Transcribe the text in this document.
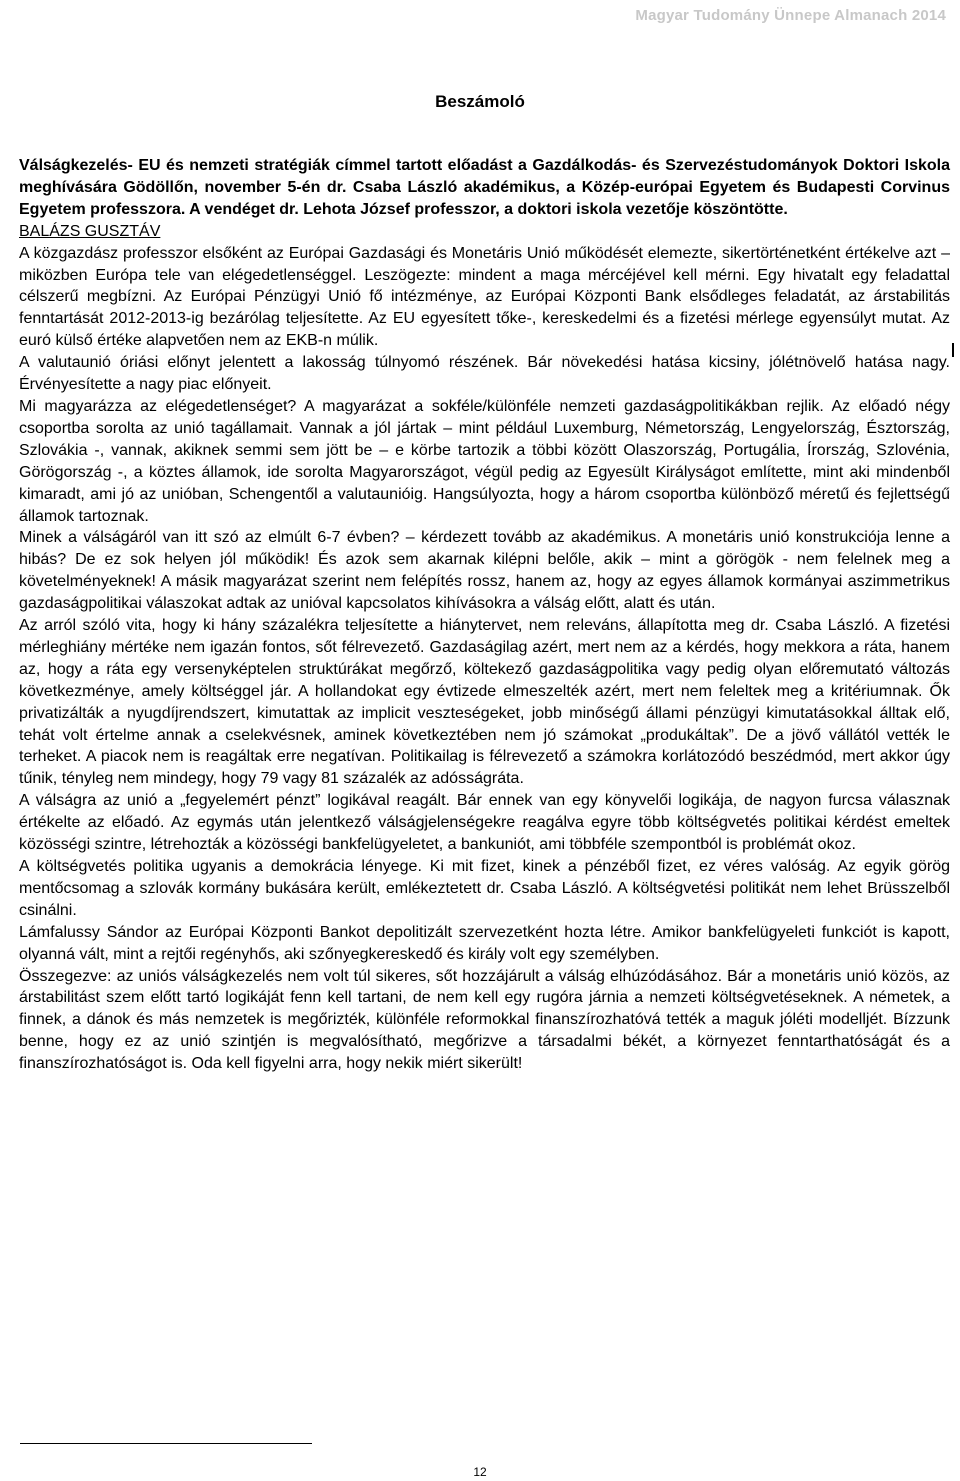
Magyar Tudomány Ünnepe Almanach 2014
Beszámoló

Válságkezelés- EU és nemzeti stratégiák címmel tartott előadást a Gazdálkodás- és Szervezéstudományok Doktori Iskola meghívására Gödöllőn, november 5-én dr. Csaba László akadémikus, a Közép-európai Egyetem és Budapesti Corvinus Egyetem professzora. A vendéget dr. Lehota József professzor, a doktori iskola vezetője köszöntötte.

BALÁZS GUSZTÁV

A közgazdász professzor elsőként az Európai Gazdasági és Monetáris Unió működését elemezte, sikertörténetként értékelve azt – miközben Európa tele van elégedetlenséggel. Leszögezte: mindent a maga mércéjével kell mérni. Egy hivatalt egy feladattal célszerű megbízni. Az Európai Pénzügyi Unió fő intézménye, az Európai Központi Bank elsődleges feladatát, az árstabilitás fenntartását 2012-2013-ig bezárólag teljesítette. Az EU egyesített tőke-, kereskedelmi és a fizetési mérlege egyensúlyt mutat. Az euró külső értéke alapvetően nem az EKB-n múlik.

A valutaunió óriási előnyt jelentett a lakosság túlnyomó részének. Bár növekedési hatása kicsiny, jólétnövelő hatása nagy. Érvényesítette a nagy piac előnyeit.

Mi magyarázza az elégedetlenséget? A magyarázat a sokféle/különféle nemzeti gazdaságpolitikákban rejlik. Az előadó négy csoportba sorolta az unió tagállamait. Vannak a jól jártak – mint például Luxemburg, Németország, Lengyelország, Észtország, Szlovákia -, vannak, akiknek semmi sem jött be – e körbe tartozik a többi között Olaszország, Portugália, Írország, Szlovénia, Görögország -, a köztes államok, ide sorolta Magyarországot, végül pedig az Egyesült Királyságot említette, mint aki mindenből kimaradt, ami jó az unióban, Schengentől a valutaunióig. Hangsúlyozta, hogy a három csoportba különböző méretű és fejlettségű államok tartoznak.

Minek a válságáról van itt szó az elmúlt 6-7 évben? – kérdezett tovább az akadémikus. A monetáris unió konstrukciója lenne a hibás? De ez sok helyen jól működik! És azok sem akarnak kilépni belőle, akik – mint a görögök - nem felelnek meg a követelményeknek! A másik magyarázat szerint nem felépítés rossz, hanem az, hogy az egyes államok kormányai aszimmetrikus gazdaságpolitikai válaszokat adtak az unióval kapcsolatos kihívásokra a válság előtt, alatt és után.

Az arról szóló vita, hogy ki hány százalékra teljesítette a hiánytervet, nem releváns, állapította meg dr. Csaba László. A fizetési mérleghiány mértéke nem igazán fontos, sőt félrevezető. Gazdaságilag azért, mert nem az a kérdés, hogy mekkora a ráta, hanem az, hogy a ráta egy versenyképtelen struktúrákat megőrző, költekező gazdaságpolitika vagy pedig olyan előremutató változás következménye, amely költséggel jár. A hollandokat egy évtizede elmeszelték azért, mert nem feleltek meg a kritériumnak. Ők privatizálták a nyugdíjrendszert, kimutattak az implicit veszteségeket, jobb minőségű állami pénzügyi kimutatásokkal álltak elő, tehát volt értelme annak a cselekvésnek, aminek következtében nem jó számokat „produkáltak”. De a jövő vállától vették le terheket. A piacok nem is reagáltak erre negatívan. Politikailag is félrevezető a számokra korlátozódó beszédmód, mert akkor úgy tűnik, tényleg nem mindegy, hogy 79 vagy 81 százalék az adósságráta.

A válságra az unió a „fegyelemért pénzt” logikával reagált. Bár ennek van egy könyvelői logikája, de nagyon furcsa válasznak értékelte az előadó. Az egymás után jelentkező válságjelenségekre reagálva egyre több költségvetés politikai kérdést emeltek közösségi szintre, létrehozták a közösségi bankfelügyeletet, a bankuniót, ami többféle szempontból is problémát okoz.

A költségvetés politika ugyanis a demokrácia lényege. Ki mit fizet, kinek a pénzéből fizet, ez véres valóság. Az egyik görög mentőcsomag a szlovák kormány bukására került, emlékeztetett dr. Csaba László. A költségvetési politikát nem lehet Brüsszelből csinálni.

Lámfalussy Sándor az Európai Központi Bankot depolitizált szervezetként hozta létre. Amikor bankfelügyeleti funkciót is kapott, olyanná vált, mint a rejtői regényhős, aki szőnyegkereskedő és király volt egy személyben.

Összegezve: az uniós válságkezelés nem volt túl sikeres, sőt hozzájárult a válság elhúzódásához. Bár a monetáris unió közös, az árstabilitást szem előtt tartó logikáját fenn kell tartani, de nem kell egy rugóra járnia a nemzeti költségvetéseknek. A németek, a finnek, a dánok és más nemzetek is megőrizték, különféle reformokkal finanszírozhatóvá tették a maguk jóléti modelljét. Bízzunk benne, hogy ez az unió szintjén is megvalósítható, megőrizve a társadalmi békét, a környezet fenntarthatóságát és a finanszírozhatóságot is. Oda kell figyelni arra, hogy nekik miért sikerült!

12
